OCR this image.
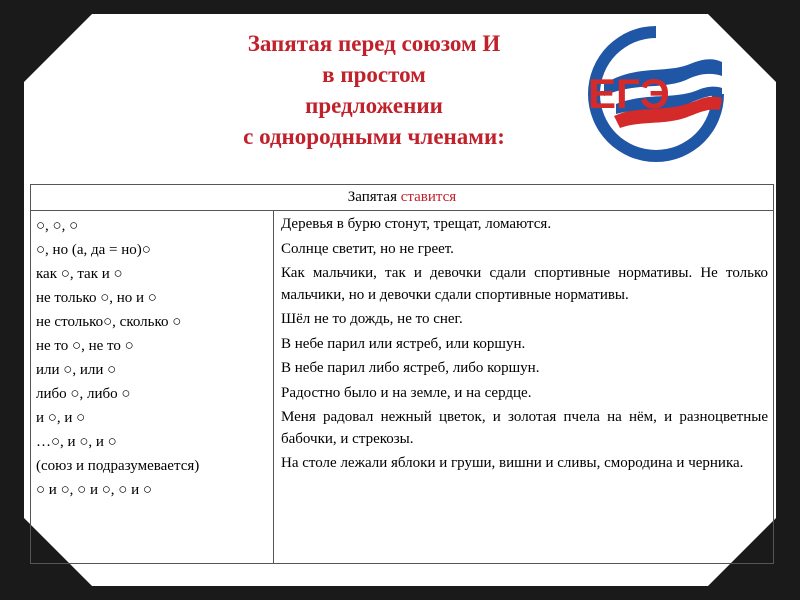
Запятая перед союзом И
в простом
предложении
с однородными членами:
ЕГЭ
Запятая ставится
○, ○, ○
○, но (а, да = но)○
как ○, так и ○
не только ○, но и ○
не столько○, сколько ○
не то ○, не то ○
или ○, или ○
либо ○, либо ○
и ○, и ○
…○, и ○, и ○
(союз и подразумевается)
○ и ○, ○ и ○, ○ и ○
Деревья в бурю стонут, трещат, ломаются.
Солнце светит, но не греет.
Как мальчики, так и девочки сдали спортивные нормативы. Не только мальчики, но и девочки сдали спортивные нормативы.
Шёл не то дождь, не то снег.
В небе парил или ястреб, или коршун.
В небе парил либо ястреб, либо коршун.
Радостно было и на земле, и на сердце.
Меня радовал нежный цветок, и золотая пчела на нём, и разноцветные бабочки, и стрекозы.
На столе лежали яблоки и груши, вишни и сливы, смородина и черника.
